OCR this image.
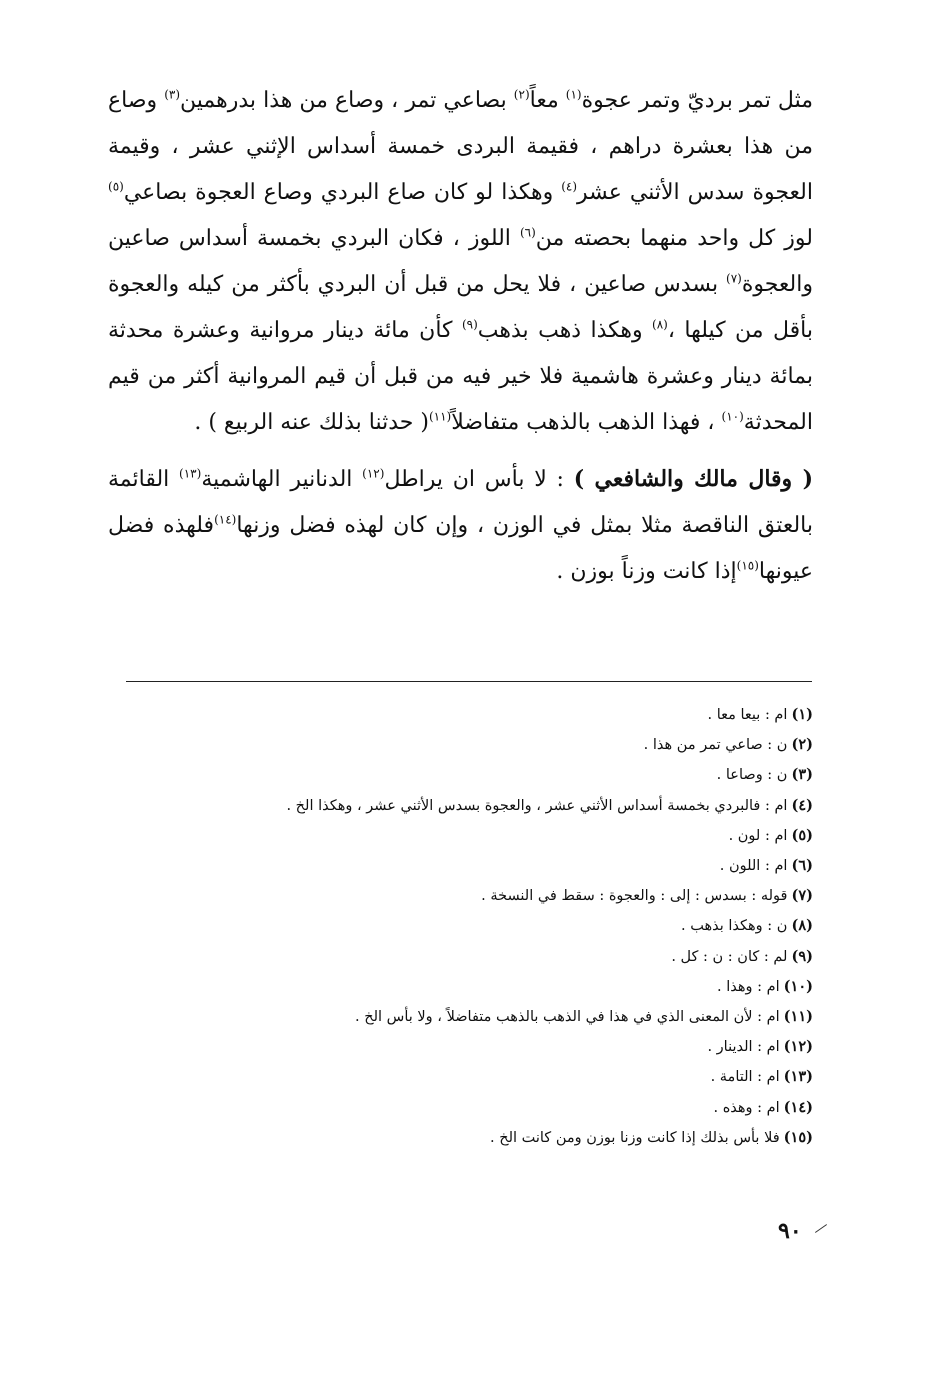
مثل تمر برديّ وتمر عجوة$^{(١)}$ معاً$^{(٢)}$ بصاعي تمر ، وصاع من هذا بدرهمين$^{(٣)}$ وصاع من هذا بعشرة دراهم ، فقيمة البردى خمسة أسداس الإثني عشر ، وقيمة العجوة سدس الأثني عشر$^{(٤)}$ وهكذا لو كان صاع البردي وصاع العجوة بصاعي$^{(٥)}$ لوز كل واحد منهما بحصته من$^{(٦)}$ اللوز ، فكان البردي بخمسة أسداس صاعين والعجوة$^{(٧)}$ بسدس صاعين ، فلا يحل من قبل أن البردي بأكثر من كيله والعجوة بأقل من كيلها ،$^{(٨)}$ وهكذا ذهب بذهب$^{(٩)}$ كأن مائة دينار مروانية وعشرة محدثة بمائة دينار وعشرة هاشمية فلا خير فيه من قبل أن قيم المروانية أكثر من قيم المحدثة$^{(١٠)}$ ، فهذا الذهب بالذهب متفاضلاً$^{(١١)}$( حدثنا بذلك عنه الربيع ) .

( وقال مالك والشافعي ) : لا بأس ان يراطل$^{(١٢)}$ الدنانير الهاشمية$^{(١٣)}$ القائمة بالعتق الناقصة مثلا بمثل في الوزن ، وإن كان لهذه فضل وزنها$^{(١٤)}$فلهذه فضل عيونها$^{(١٥)}$إذا كانت وزناً بوزن .

(١)ام : بيعا معا .
(٢)ن : صاعي تمر من هذا .
(٣)ن : وصاعا .
(٤)ام : فالبردي بخمسة أسداس الأثني عشر ، والعجوة بسدس الأثني عشر ، وهكذا الخ .
(٥)ام : لون .
(٦)ام : اللون .
(٧)قوله : بسدس : إلى : والعجوة : سقط في النسخة .
(٨)ن : وهكذا بذهب .
(٩)لم : كان : ن : كل .
(١٠)ام : وهذا .
(١١)ام : لأن المعنى الذي في هذا في الذهب بالذهب متفاضلاً ، ولا بأس الخ .
(١٢)ام : الدينار .
(١٣)ام : التامة .
(١٤)ام : وهذه .
(١٥)فلا بأس بذلك إذا كانت وزنا بوزن ومن كانت الخ .
٩٠
